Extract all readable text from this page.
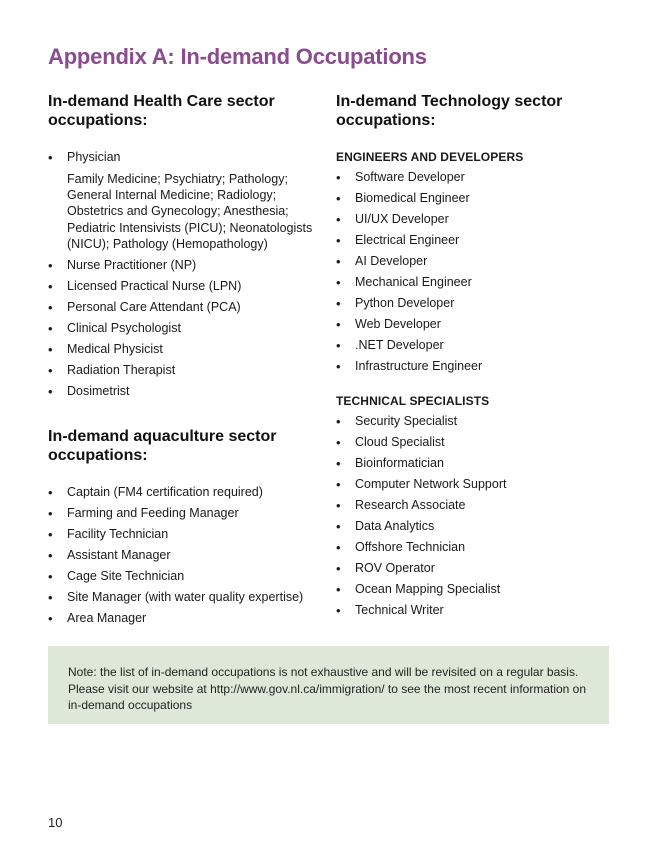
Appendix A: In-demand Occupations
In-demand Health Care sector occupations:
• Physician
Family Medicine; Psychiatry; Pathology; General Internal Medicine; Radiology; Obstetrics and Gynecology; Anesthesia; Pediatric Intensivists (PICU); Neonatologists (NICU); Pathology (Hemopathology)
• Nurse Practitioner (NP)
• Licensed Practical Nurse (LPN)
• Personal Care Attendant (PCA)
• Clinical Psychologist
• Medical Physicist
• Radiation Therapist
• Dosimetrist
In-demand aquaculture sector occupations:
• Captain (FM4 certification required)
• Farming and Feeding Manager
• Facility Technician
• Assistant Manager
• Cage Site Technician
• Site Manager (with water quality expertise)
• Area Manager
In-demand Technology sector occupations:
ENGINEERS AND DEVELOPERS
• Software Developer
• Biomedical Engineer
• UI/UX Developer
• Electrical Engineer
• AI Developer
• Mechanical Engineer
• Python Developer
• Web Developer
• .NET Developer
• Infrastructure Engineer
TECHNICAL SPECIALISTS
• Security Specialist
• Cloud Specialist
• Bioinformatician
• Computer Network Support
• Research Associate
• Data Analytics
• Offshore Technician
• ROV Operator
• Ocean Mapping Specialist
• Technical Writer
Note: the list of in-demand occupations is not exhaustive and will be revisited on a regular basis. Please visit our website at http://www.gov.nl.ca/immigration/ to see the most recent information on in-demand occupations
10
